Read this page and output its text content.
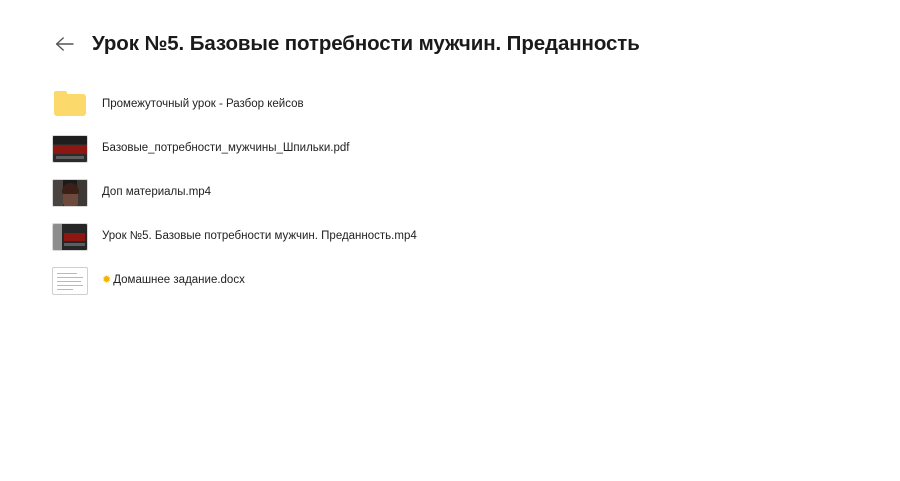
Урок №5. Базовые потребности мужчин. Преданность
Промежуточный урок - Разбор кейсов
Базовые_потребности_мужчины_Шпильки.pdf
Доп материалы.mp4
Урок №5. Базовые потребности мужчин. Преданность.mp4
✹ Домашнее задание.docx
